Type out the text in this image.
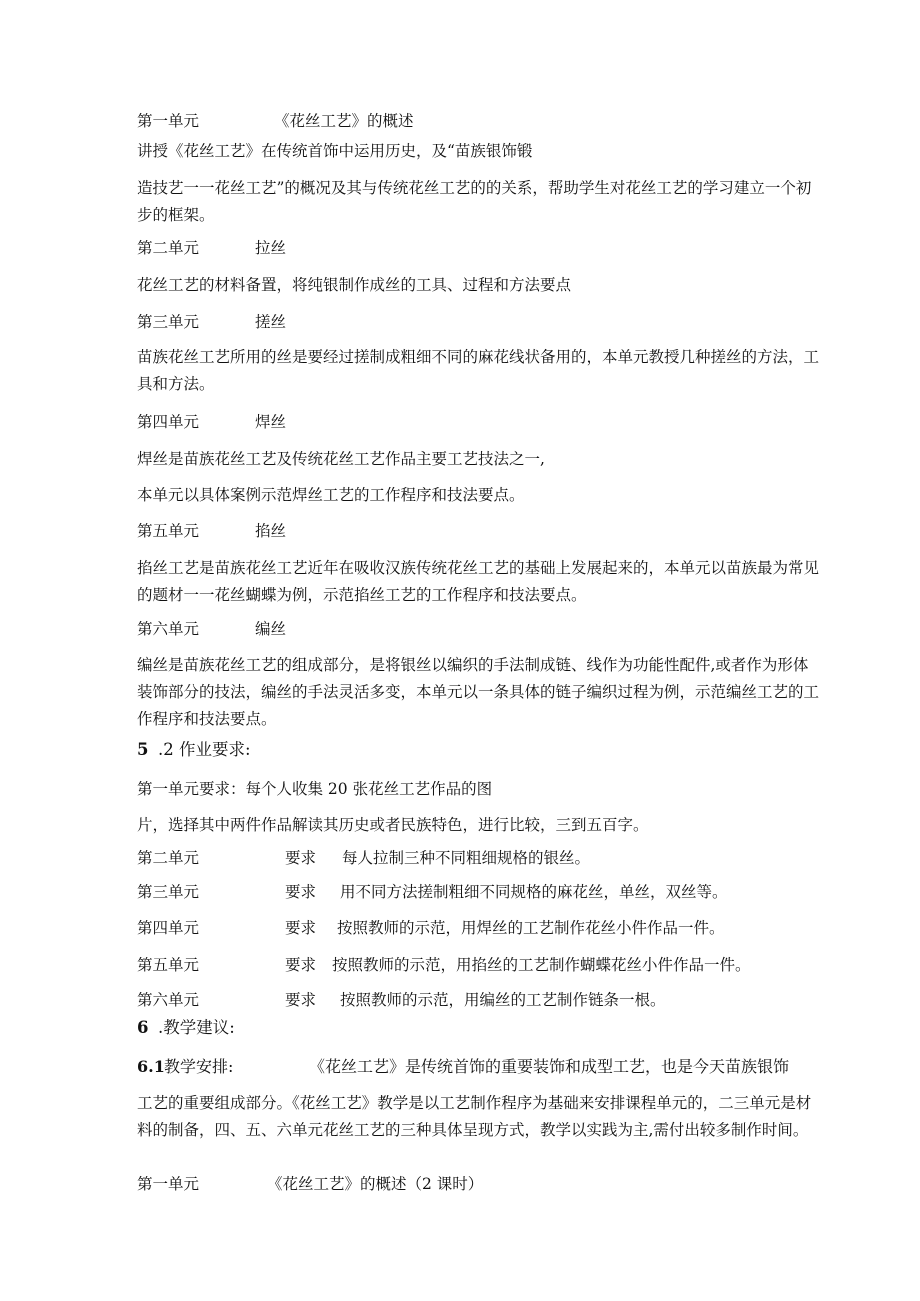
第一单元	《花丝工艺》的概述
讲授《花丝工艺》在传统首饰中运用历史，及“苗族银饰锻
造技艺一一花丝工艺”的概况及其与传统花丝工艺的的关系，帮助学生对花丝工艺的学习建立一个初步的框架。
第二单元	拉丝
花丝工艺的材料备置，将纯银制作成丝的工具、过程和方法要点
第三单元	搓丝
苗族花丝工艺所用的丝是要经过搓制成粗细不同的麻花线状备用的，本单元教授几种搓丝的方法，工具和方法。
第四单元	焊丝
焊丝是苗族花丝工艺及传统花丝工艺作品主要工艺技法之一,
本单元以具体案例示范焊丝工艺的工作程序和技法要点。
第五单元	掐丝
掐丝工艺是苗族花丝工艺近年在吸收汉族传统花丝工艺的基础上发展起来的，本单元以苗族最为常见的题材一一花丝蝴蝶为例，示范掐丝工艺的工作程序和技法要点。
第六单元	编丝
编丝是苗族花丝工艺的组成部分，是将银丝以编织的手法制成链、线作为功能性配件,或者作为形体装饰部分的技法，编丝的手法灵活多变，本单元以一条具体的链子编织过程为例，示范编丝工艺的工作程序和技法要点。
5 .2 作业要求:
第一单元要求：每个人收集 20 张花丝工艺作品的图
片，选择其中两件作品解读其历史或者民族特色，进行比较，三到五百字。
第二单元	要求 每人拉制三种不同粗细规格的银丝。
第三单元	要求 用不同方法搓制粗细不同规格的麻花丝，单丝，双丝等。
第四单元	要求 按照教师的示范，用焊丝的工艺制作花丝小件作品一件。
第五单元	要求 按照教师的示范，用掐丝的工艺制作蝴蝶花丝小件作品一件。
第六单元	要求 按照教师的示范，用编丝的工艺制作链条一根。
6 .教学建议:
6.1 教学安排:	《花丝工艺》是传统首饰的重要装饰和成型工艺，也是今天苗族银饰
工艺的重要组成部分。《花丝工艺》教学是以工艺制作程序为基础来安排课程单元的，二三单元是材料的制备，四、五、六单元花丝工艺的三种具体呈现方式，教学以实践为主,需付出较多制作时间。
第一单元	《花丝工艺》的概述（2 课时）
